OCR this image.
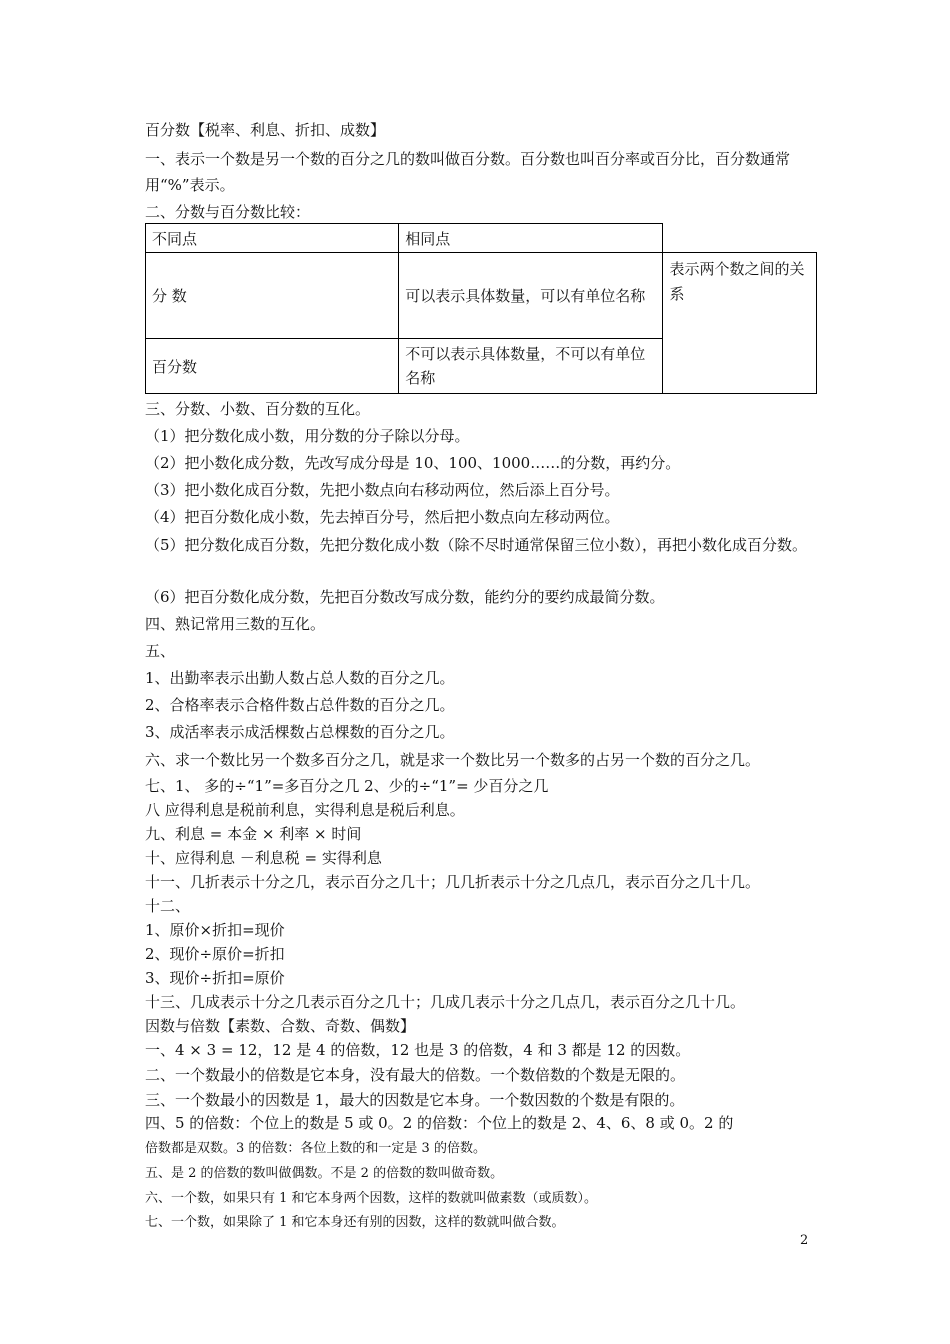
百分数【税率、利息、折扣、成数】
一、表示一个数是另一个数的百分之几的数叫做百分数。百分数也叫百分率或百分比，百分数通常用“%”表示。
二、分数与百分数比较：
不同点	相同点	
分 数	可以表示具体数量，可以有单位名称	表示两个数之间的关
系
百分数	不可以表示具体数量，不可以有单位名称	
三、分数、小数、百分数的互化。
（1）把分数化成小数，用分数的分子除以分母。
（2）把小数化成分数，先改写成分母是 10、100、1000……的分数，再约分。
（3）把小数化成百分数，先把小数点向右移动两位，然后添上百分号。
（4）把百分数化成小数，先去掉百分号，然后把小数点向左移动两位。
（5）把分数化成百分数，先把分数化成小数（除不尽时通常保留三位小数），再把小数化成百分数。
（6）把百分数化成分数，先把百分数改写成分数，能约分的要约成最简分数。
四、熟记常用三数的互化。
五、
1、出勤率表示出勤人数占总人数的百分之几。
2、合格率表示合格件数占总件数的百分之几。
3、成活率表示成活棵数占总棵数的百分之几。
六、求一个数比另一个数多百分之几，就是求一个数比另一个数多的占另一个数的百分之几。
七、1、 多的÷“1”=多百分之几 2、少的÷“1”= 少百分之几
八 应得利息是税前利息，实得利息是税后利息。
九、利息 = 本金 × 利率 × 时间
十、应得利息 －利息税 = 实得利息
十一、几折表示十分之几，表示百分之几十；几几折表示十分之几点几，表示百分之几十几。
十二、
1、原价×折扣=现价
2、现价÷原价=折扣
3、现价÷折扣=原价
十三、几成表示十分之几表示百分之几十；几成几表示十分之几点几，表示百分之几十几。
因数与倍数【素数、合数、奇数、偶数】
一、4 × 3 = 12，12 是 4 的倍数，12 也是 3 的倍数，4 和 3 都是 12 的因数。
二、一个数最小的倍数是它本身，没有最大的倍数。一个数倍数的个数是无限的。
三、一个数最小的因数是 1，最大的因数是它本身。一个数因数的个数是有限的。
四、5 的倍数：个位上的数是 5 或 0。2 的倍数：个位上的数是 2、4、6、8 或 0。2 的
倍数都是双数。3 的倍数：各位上数的和一定是 3 的倍数。
五、是 2 的倍数的数叫做偶数。不是 2 的倍数的数叫做奇数。
六、一个数，如果只有 1 和它本身两个因数，这样的数就叫做素数（或质数）。
七、一个数，如果除了 1 和它本身还有别的因数，这样的数就叫做合数。
2
